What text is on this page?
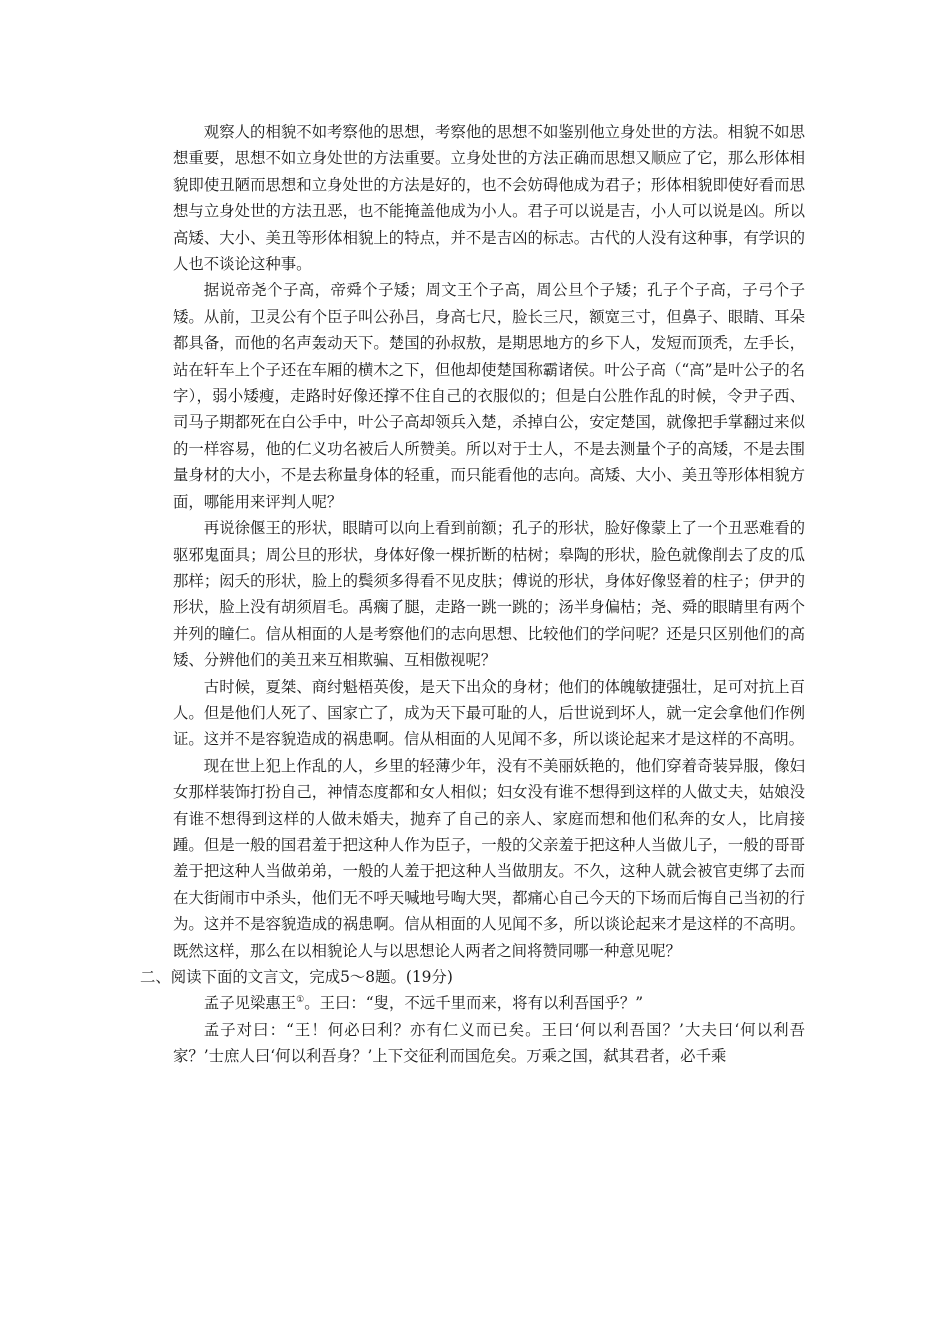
观察人的相貌不如考察他的思想，考察他的思想不如鉴别他立身处世的方法。相貌不如思想重要，思想不如立身处世的方法重要。立身处世的方法正确而思想又顺应了它，那么形体相貌即使丑陋而思想和立身处世的方法是好的，也不会妨碍他成为君子；形体相貌即使好看而思想与立身处世的方法丑恶，也不能掩盖他成为小人。君子可以说是吉，小人可以说是凶。所以高矮、大小、美丑等形体相貌上的特点，并不是吉凶的标志。古代的人没有这种事，有学识的人也不谈论这种事。

据说帝尧个子高，帝舜个子矮；周文王个子高，周公旦个子矮；孔子个子高，子弓个子矮。从前，卫灵公有个臣子叫公孙吕，身高七尺，脸长三尺，额宽三寸，但鼻子、眼睛、耳朵都具备，而他的名声轰动天下。楚国的孙叔敖，是期思地方的乡下人，发短而顶秃，左手长，站在轩车上个子还在车厢的横木之下，但他却使楚国称霸诸侯。叶公子高（“高”是叶公子的名字），弱小矮瘦，走路时好像还撑不住自己的衣服似的；但是白公胜作乱的时候，令尹子西、司马子期都死在白公手中，叶公子高却领兵入楚，杀掉白公，安定楚国，就像把手掌翻过来似的一样容易，他的仁义功名被后人所赞美。所以对于士人，不是去测量个子的高矮，不是去围量身材的大小，不是去称量身体的轻重，而只能看他的志向。高矮、大小、美丑等形体相貌方面，哪能用来评判人呢？

再说徐偃王的形状，眼睛可以向上看到前额；孔子的形状，脸好像蒙上了一个丑恶难看的驱邪鬼面具；周公旦的形状，身体好像一棵折断的枯树；皋陶的形状，脸色就像削去了皮的瓜那样；闳夭的形状，脸上的鬓须多得看不见皮肤；傅说的形状，身体好像竖着的柱子；伊尹的形状，脸上没有胡须眉毛。禹瘸了腿，走路一跳一跳的；汤半身偏枯；尧、舜的眼睛里有两个并列的瞳仁。信从相面的人是考察他们的志向思想、比较他们的学问呢？还是只区别他们的高矮、分辨他们的美丑来互相欺骗、互相傲视呢？

古时候，夏桀、商纣魁梧英俊，是天下出众的身材；他们的体魄敏捷强壮，足可对抗上百人。但是他们人死了、国家亡了，成为天下最可耻的人，后世说到坏人，就一定会拿他们作例证。这并不是容貌造成的祸患啊。信从相面的人见闻不多，所以谈论起来才是这样的不高明。

现在世上犯上作乱的人，乡里的轻薄少年，没有不美丽妖艳的，他们穿着奇装异服，像妇女那样装饰打扮自己，神情态度都和女人相似；妇女没有谁不想得到这样的人做丈夫，姑娘没有谁不想得到这样的人做未婚夫，抛弃了自己的亲人、家庭而想和他们私奔的女人，比肩接踵。但是一般的国君羞于把这种人作为臣子，一般的父亲羞于把这种人当做儿子，一般的哥哥羞于把这种人当做弟弟，一般的人羞于把这种人当做朋友。不久，这种人就会被官吏绑了去而在大街闹市中杀头，他们无不呼天喊地号啕大哭，都痛心自己今天的下场而后悔自己当初的行为。这并不是容貌造成的祸患啊。信从相面的人见闻不多，所以谈论起来才是这样的不高明。既然这样，那么在以相貌论人与以思想论人两者之间将赞同哪一种意见呢？

二、阅读下面的文言文，完成5～8题。(19分)

孟子见梁惠王①。王曰：“叟，不远千里而来，将有以利吾国乎？”

孟子对曰：“王！何必曰利？亦有仁义而已矣。王曰‘何以利吾国？’大夫曰‘何以利吾家？’士庶人曰‘何以利吾身？’上下交征利而国危矣。万乘之国，弑其君者，必千乘
